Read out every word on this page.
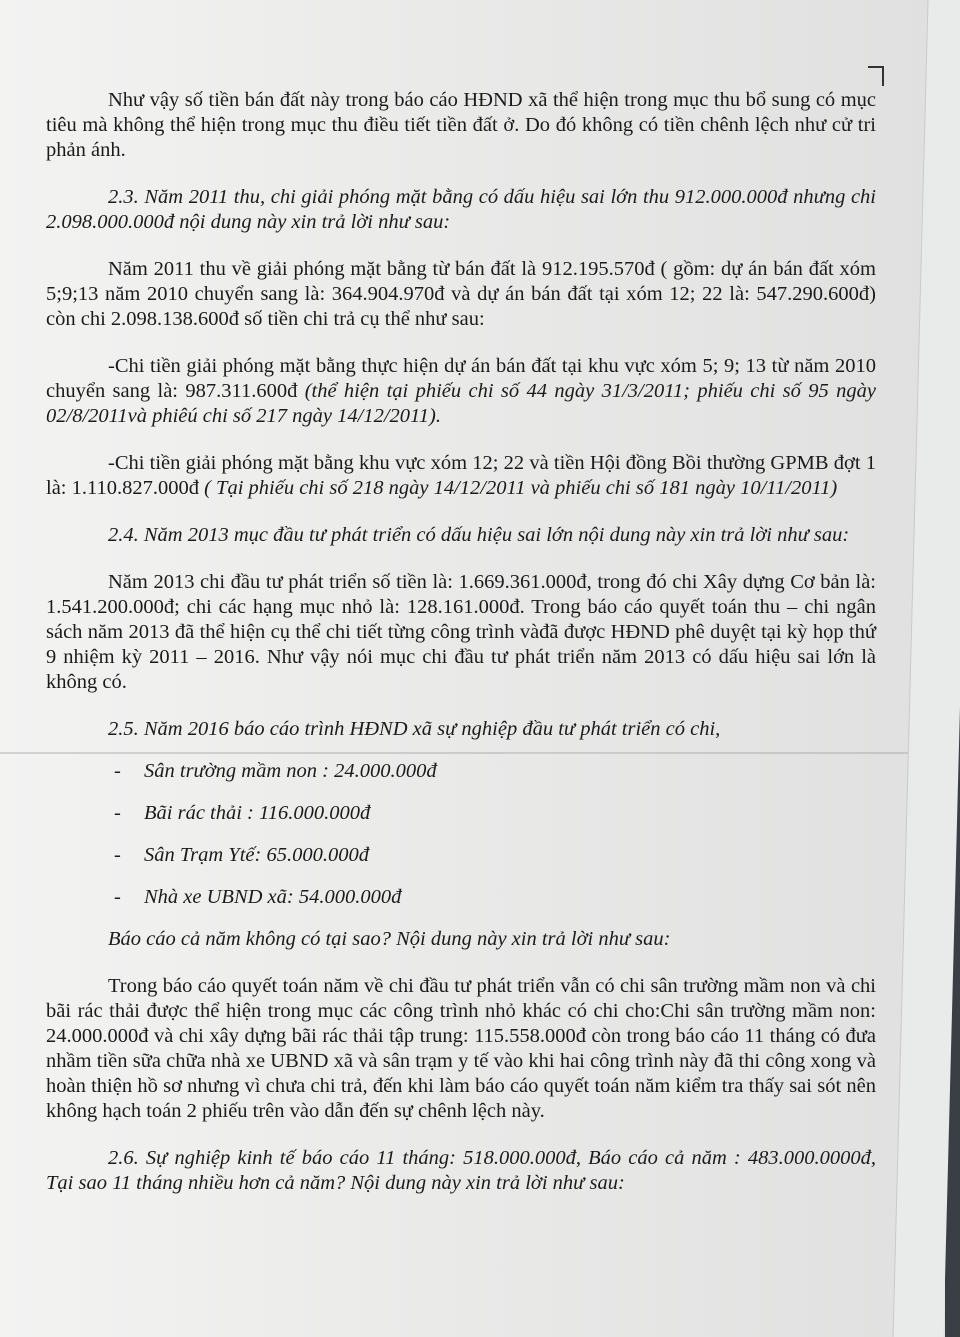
Như vậy số tiền bán đất này trong báo cáo HĐND xã thể hiện trong mục thu bổ sung có mục tiêu mà không thể hiện trong mục thu điều tiết tiền đất ở. Do đó không có tiền chênh lệch như cử tri phản ánh.

2.3. Năm 2011 thu, chi giải phóng mặt bằng có dấu hiệu sai lớn thu 912.000.000đ nhưng chi 2.098.000.000đ nội dung này xin trả lời như sau:

Năm 2011 thu về giải phóng mặt bằng từ bán đất là 912.195.570đ ( gồm: dự án bán đất xóm 5;9;13 năm 2010 chuyển sang là: 364.904.970đ và dự án bán đất tại xóm 12; 22 là: 547.290.600đ) còn chi 2.098.138.600đ số tiền chi trả cụ thể như sau:

-Chi tiền giải phóng mặt bằng thực hiện dự án bán đất tại khu vực xóm 5; 9; 13 từ năm 2010 chuyển sang là: 987.311.600đ (thể hiện tại phiếu chi số 44 ngày 31/3/2011; phiếu chi số 95 ngày 02/8/2011và phiêú chi số 217 ngày 14/12/2011).

-Chi tiền giải phóng mặt bằng khu vực xóm 12; 22 và tiền Hội đồng Bồi thường GPMB đợt 1 là: 1.110.827.000đ ( Tại phiếu chi số 218 ngày 14/12/2011 và phiếu chi số 181 ngày 10/11/2011)

2.4. Năm 2013 mục đầu tư phát triển có dấu hiệu sai lớn nội dung này xin trả lời như sau:

Năm 2013 chi đầu tư phát triển số tiền là: 1.669.361.000đ, trong đó chi Xây dựng Cơ bản là: 1.541.200.000đ; chi các hạng mục nhỏ là: 128.161.000đ. Trong báo cáo quyết toán thu – chi ngân sách năm 2013 đã thể hiện cụ thể chi tiết từng công trình vàđã được HĐND phê duyệt tại kỳ họp thứ 9 nhiệm kỳ 2011 – 2016. Như vậy nói mục chi đầu tư phát triển năm 2013 có dấu hiệu sai lớn là không có.

2.5. Năm 2016 báo cáo trình HĐND xã sự nghiệp đầu tư phát triển có chi,

- Sân trường mầm non : 24.000.000đ
- Bãi rác thải : 116.000.000đ
- Sân Trạm Ytế: 65.000.000đ
- Nhà xe UBND xã: 54.000.000đ

Báo cáo cả năm không có tại sao? Nội dung này xin trả lời như sau:

Trong báo cáo quyết toán năm về chi đầu tư phát triển vẫn có chi sân trường mầm non và chi bãi rác thải được thể hiện trong mục các công trình nhỏ khác có chi cho:Chi sân trường mầm non: 24.000.000đ và chi xây dựng bãi rác thải tập trung: 115.558.000đ còn trong báo cáo 11 tháng có đưa nhầm tiền sữa chữa nhà xe UBND xã và sân trạm y tế vào khi hai công trình này đã thi công xong và hoàn thiện hồ sơ nhưng vì chưa chi trả, đến khi làm báo cáo quyết toán năm kiểm tra thấy sai sót nên không hạch toán 2 phiếu trên vào dẫn đến sự chênh lệch này.

2.6. Sự nghiệp kinh tế báo cáo 11 tháng: 518.000.000đ, Báo cáo cả năm : 483.000.0000đ, Tại sao 11 tháng nhiều hơn cả năm? Nội dung này xin trả lời như sau:
